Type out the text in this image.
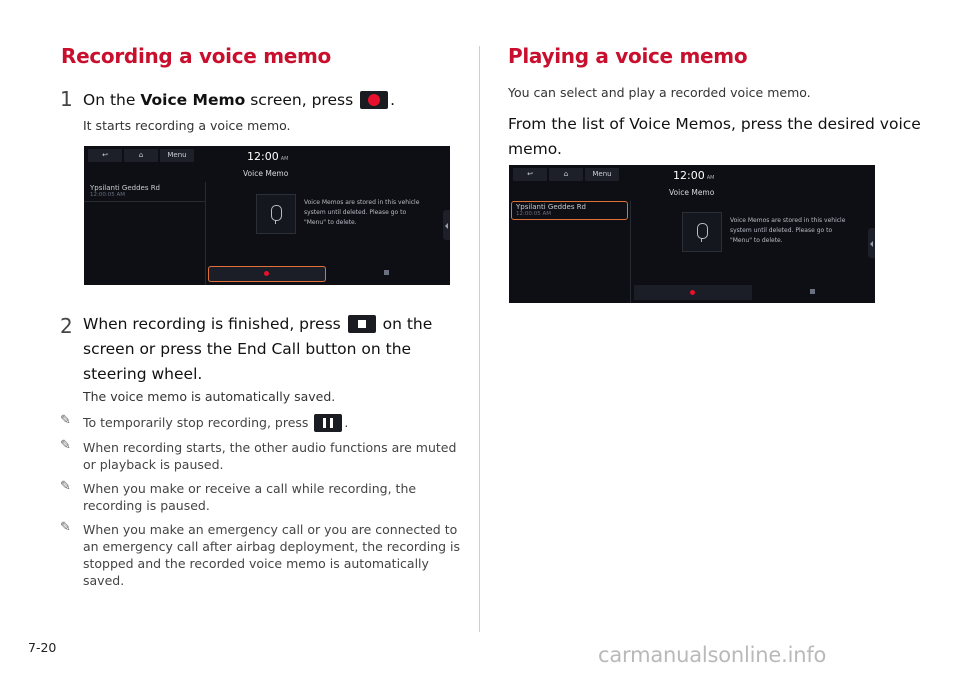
Recording a voice memo
1 On the Voice Memo screen, press .
It starts recording a voice memo.
↩	⌂	Menu	12:00 AM
Voice Memo
Ypsilanti Geddes Rd
12:00:05 AM
Voice Memos are stored in this vehicle
system until deleted. Please go to
"Menu" to delete.
2 When recording is finished, press	on the
screen or press the End Call button on the
steering wheel.
The voice memo is automatically saved.
✎ To temporarily stop recording, press	.
✎ When recording starts, the other audio functions are muted
or playback is paused.
✎ When you make or receive a call while recording, the
recording is paused.
✎ When you make an emergency call or you are connected to
an emergency call after airbag deployment, the recording is
stopped and the recorded voice memo is automatically saved.
Playing a voice memo
You can select and play a recorded voice memo.
From the list of Voice Memos, press the desired voice
memo.
↩	⌂	Menu	12:00 AM
Voice Memo
Ypsilanti Geddes Rd
12:00:05 AM
Voice Memos are stored in this vehicle
system until deleted. Please go to
"Menu" to delete.
7-20	carmanualsonline.info
